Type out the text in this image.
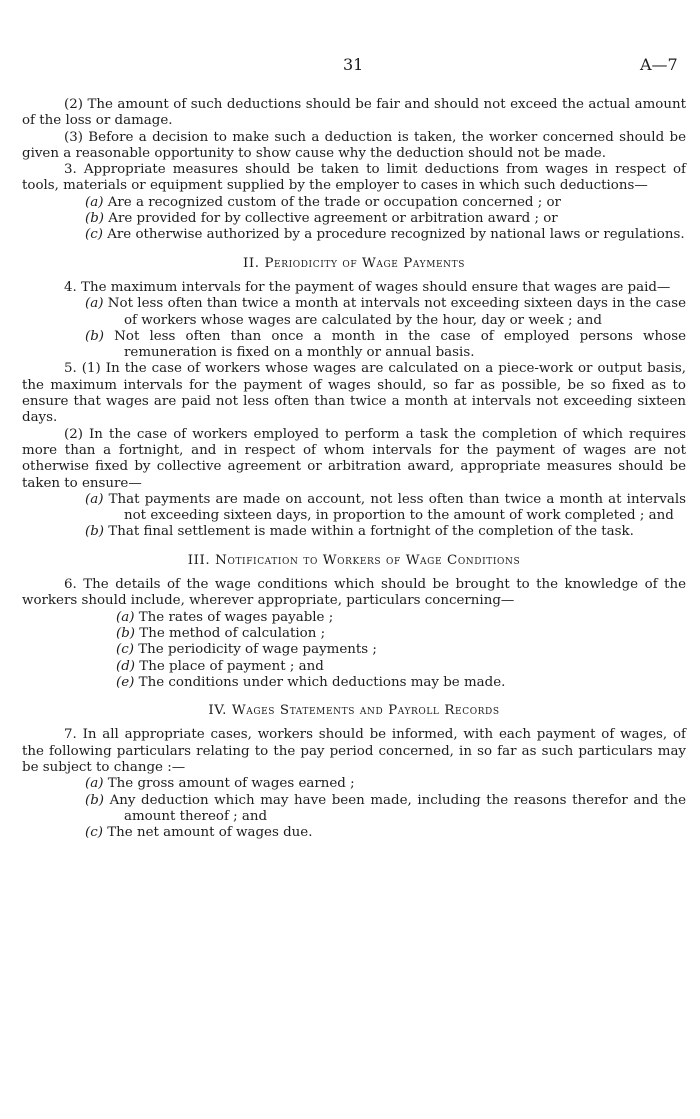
31	A—7

(2) The amount of such deductions should be fair and should not exceed the actual amount of the loss or damage.

(3) Before a decision to make such a deduction is taken, the worker concerned should be given a reasonable opportunity to show cause why the deduction should not be made.

3. Appropriate measures should be taken to limit deductions from wages in respect of tools, materials or equipment supplied by the employer to cases in which such deductions—

(a) Are a recognized custom of the trade or occupation concerned ; or

(b) Are provided for by collective agreement or arbitration award ; or

(c) Are otherwise authorized by a procedure recognized by national laws or regulations.

II. Periodicity of Wage Payments

4. The maximum intervals for the payment of wages should ensure that wages are paid—

(a) Not less often than twice a month at intervals not exceeding sixteen days in the case of workers whose wages are calculated by the hour, day or week ; and

(b) Not less often than once a month in the case of employed persons whose remuneration is fixed on a monthly or annual basis.

5. (1) In the case of workers whose wages are calculated on a piece-work or output basis, the maximum intervals for the payment of wages should, so far as possible, be so fixed as to ensure that wages are paid not less often than twice a month at intervals not exceeding sixteen days.

(2) In the case of workers employed to perform a task the completion of which requires more than a fortnight, and in respect of whom intervals for the payment of wages are not otherwise fixed by collective agreement or arbitration award, appropriate measures should be taken to ensure—

(a) That payments are made on account, not less often than twice a month at intervals not exceeding sixteen days, in proportion to the amount of work completed ; and

(b) That final settlement is made within a fortnight of the completion of the task.

III. Notification to Workers of Wage Conditions

6. The details of the wage conditions which should be brought to the knowledge of the workers should include, wherever appropriate, particulars concerning—

(a) The rates of wages payable ;

(b) The method of calculation ;

(c) The periodicity of wage payments ;

(d) The place of payment ; and

(e) The conditions under which deductions may be made.

IV. Wages Statements and Payroll Records

7. In all appropriate cases, workers should be informed, with each payment of wages, of the following particulars relating to the pay period concerned, in so far as such particulars may be subject to change :—

(a) The gross amount of wages earned ;

(b) Any deduction which may have been made, including the reasons therefor and the amount thereof ; and

(c) The net amount of wages due.
